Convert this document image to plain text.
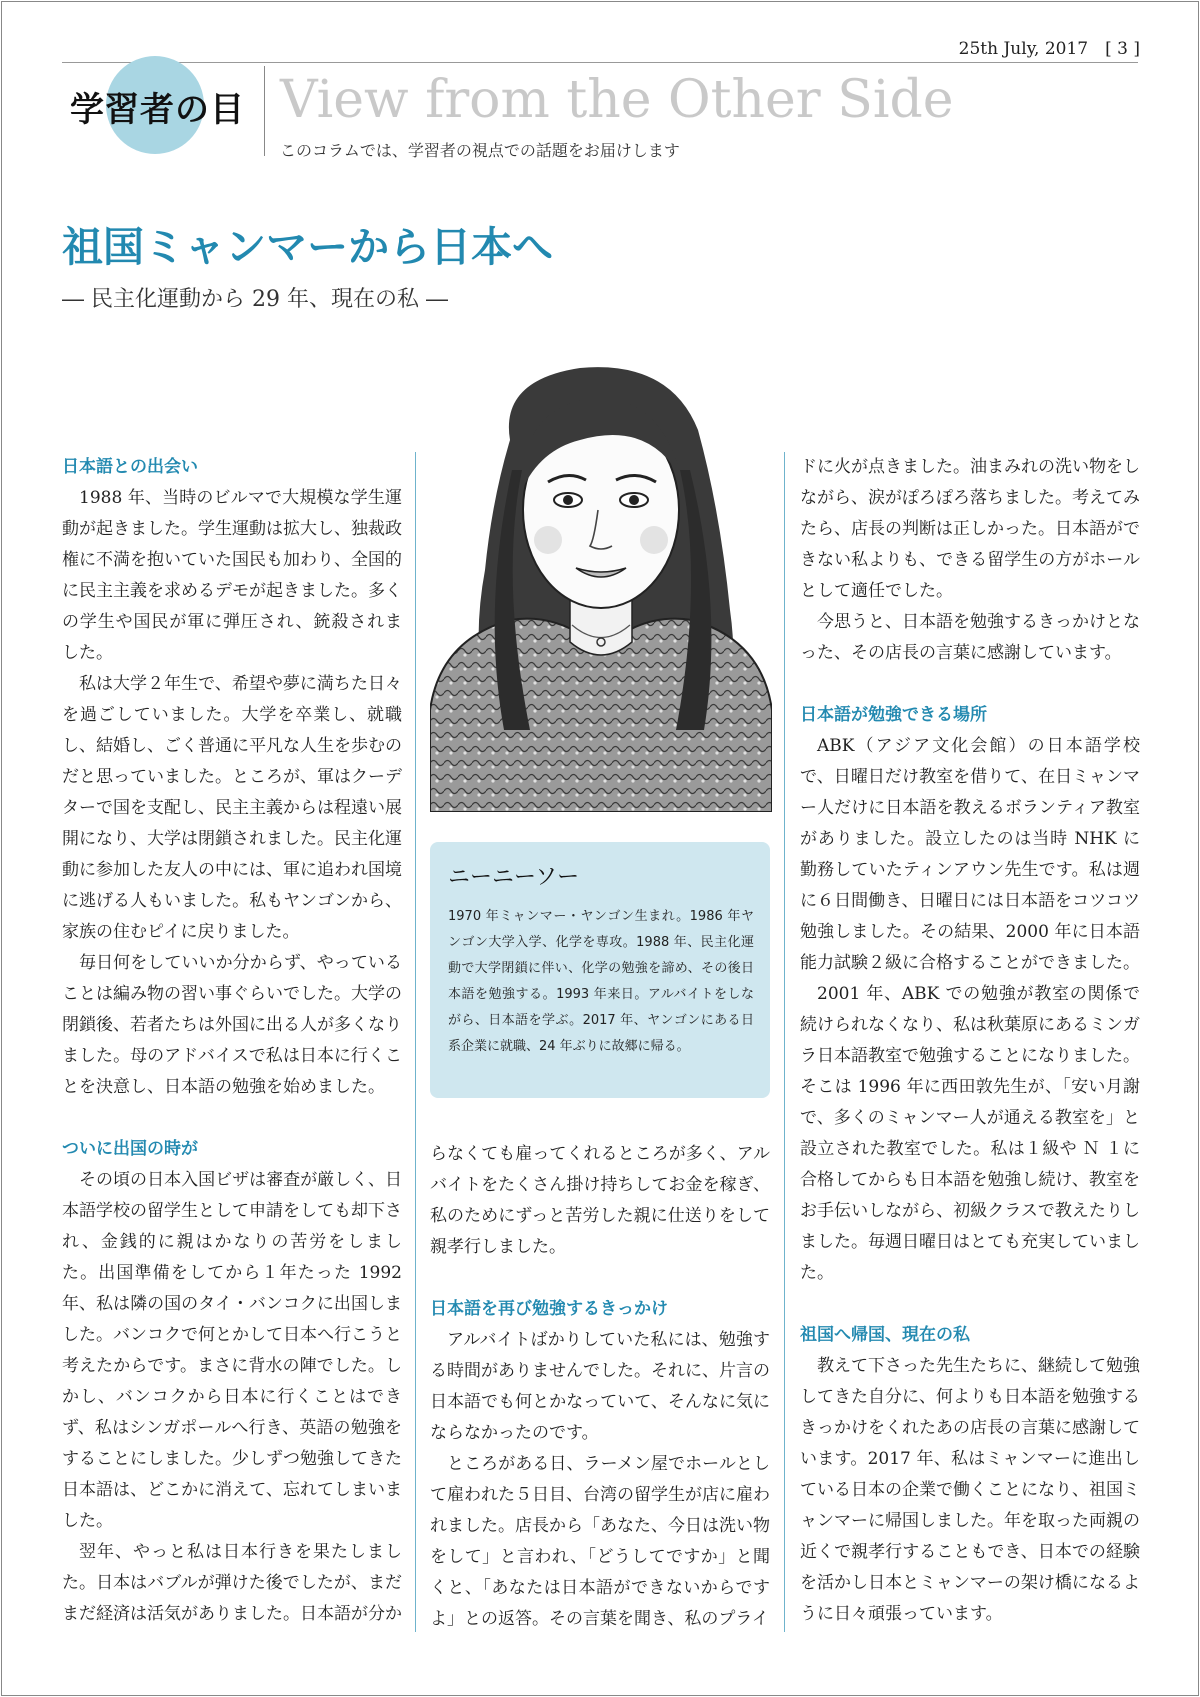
25th July, 2017　[ 3 ]
学習者の目 View from the Other Side
このコラムでは、学習者の視点での話題をお届けします
祖国ミャンマーから日本へ
― 民主化運動から 29 年、現在の私 ―
日本語との出会い

1988 年、当時のビルマで大規模な学生運動が起きました。学生運動は拡大し、独裁政権に不満を抱いていた国民も加わり、全国的に民主主義を求めるデモが起きました。多くの学生や国民が軍に弾圧され、銃殺されました。

私は大学２年生で、希望や夢に満ちた日々を過ごしていました。大学を卒業し、就職し、結婚し、ごく普通に平凡な人生を歩むのだと思っていました。ところが、軍はクーデターで国を支配し、民主主義からは程遠い展開になり、大学は閉鎖されました。民主化運動に参加した友人の中には、軍に追われ国境に逃げる人もいました。私もヤンゴンから、家族の住むピイに戻りました。

毎日何をしていいか分からず、やっていることは編み物の習い事ぐらいでした。大学の閉鎖後、若者たちは外国に出る人が多くなりました。母のアドバイスで私は日本に行くことを決意し、日本語の勉強を始めました。

ついに出国の時が

その頃の日本入国ビザは審査が厳しく、日本語学校の留学生として申請をしても却下され、金銭的に親はかなりの苦労をしました。出国準備をしてから１年たった 1992 年、私は隣の国のタイ・バンコクに出国しました。バンコクで何とかして日本へ行こうと考えたからです。まさに背水の陣でした。しかし、バンコクから日本に行くことはできず、私はシンガポールへ行き、英語の勉強をすることにしました。少しずつ勉強してきた日本語は、どこかに消えて、忘れてしまいました。

翌年、やっと私は日本行きを果たしました。日本はバブルが弾けた後でしたが、まだまだ経済は活気がありました。日本語が分か

ニーニーソー
1970 年ミャンマー・ヤンゴン生まれ。1986 年ヤンゴン大学入学、化学を専攻。1988 年、民主化運動で大学閉鎖に伴い、化学の勉強を諦め、その後日本語を勉強する。1993 年来日。アルバイトをしながら、日本語を学ぶ。2017 年、ヤンゴンにある日系企業に就職、24 年ぶりに故郷に帰る。

らなくても雇ってくれるところが多く、アルバイトをたくさん掛け持ちしてお金を稼ぎ、私のためにずっと苦労した親に仕送りをして親孝行しました。

日本語を再び勉強するきっかけ

アルバイトばかりしていた私には、勉強する時間がありませんでした。それに、片言の日本語でも何とかなっていて、そんなに気にならなかったのです。

ところがある日、ラーメン屋でホールとして雇われた５日目、台湾の留学生が店に雇われました。店長から「あなた、今日は洗い物をして」と言われ、「どうしてですか」と聞くと、「あなたは日本語ができないからですよ」との返答。その言葉を聞き、私のプライ

ドに火が点きました。油まみれの洗い物をしながら、涙がぽろぽろ落ちました。考えてみたら、店長の判断は正しかった。日本語ができない私よりも、できる留学生の方がホールとして適任でした。

今思うと、日本語を勉強するきっかけとなった、その店長の言葉に感謝しています。

日本語が勉強できる場所

ABK（アジア文化会館）の日本語学校で、日曜日だけ教室を借りて、在日ミャンマー人だけに日本語を教えるボランティア教室がありました。設立したのは当時 NHK に勤務していたティンアウン先生です。私は週に６日間働き、日曜日には日本語をコツコツ勉強しました。その結果、2000 年に日本語能力試験２級に合格することができました。

2001 年、ABK での勉強が教室の関係で続けられなくなり、私は秋葉原にあるミンガラ日本語教室で勉強することになりました。そこは 1996 年に西田敦先生が、「安い月謝で、多くのミャンマー人が通える教室を」と設立された教室でした。私は１級や Ｎ １に合格してからも日本語を勉強し続け、教室をお手伝いしながら、初級クラスで教えたりしました。毎週日曜日はとても充実していました。

祖国へ帰国、現在の私

教えて下さった先生たちに、継続して勉強してきた自分に、何よりも日本語を勉強するきっかけをくれたあの店長の言葉に感謝しています。2017 年、私はミャンマーに進出している日本の企業で働くことになり、祖国ミャンマーに帰国しました。年を取った両親の近くで親孝行することもでき、日本での経験を活かし日本とミャンマーの架け橋になるように日々頑張っています。
